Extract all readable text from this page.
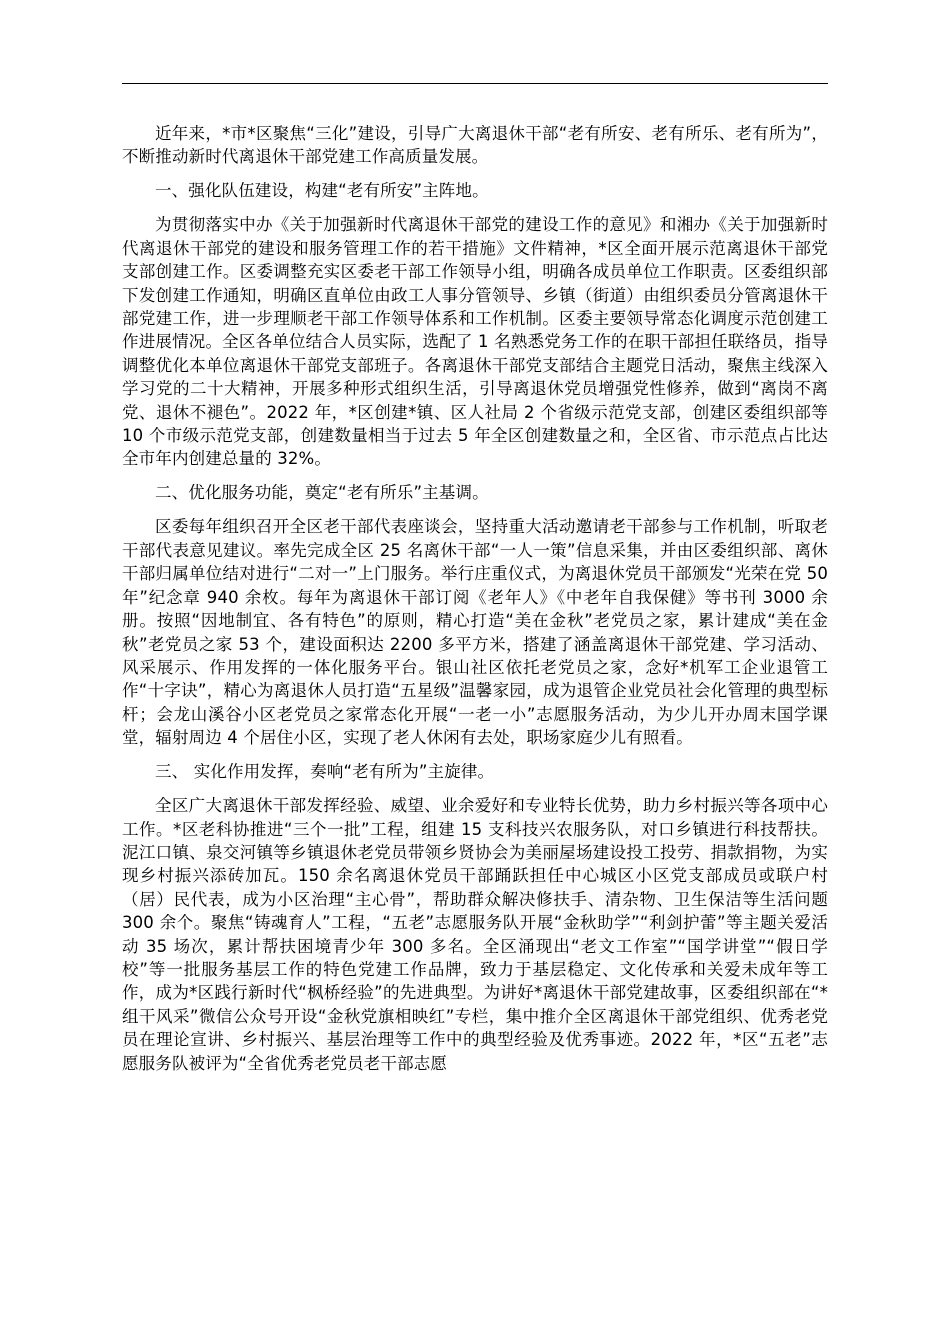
近年来，*市*区聚焦“三化”建设，引导广大离退休干部“老有所安、老有所乐、老有所为”，不断推动新时代离退休干部党建工作高质量发展。

一、强化队伍建设，构建“老有所安”主阵地。

为贯彻落实中办《关于加强新时代离退休干部党的建设工作的意见》和湘办《关于加强新时代离退休干部党的建设和服务管理工作的若干措施》文件精神，*区全面开展示范离退休干部党支部创建工作。区委调整充实区委老干部工作领导小组，明确各成员单位工作职责。区委组织部下发创建工作通知，明确区直单位由政工人事分管领导、乡镇（街道）由组织委员分管离退休干部党建工作，进一步理顺老干部工作领导体系和工作机制。区委主要领导常态化调度示范创建工作进展情况。全区各单位结合人员实际，选配了 1 名熟悉党务工作的在职干部担任联络员，指导调整优化本单位离退休干部党支部班子。各离退休干部党支部结合主题党日活动，聚焦主线深入学习党的二十大精神，开展多种形式组织生活，引导离退休党员增强党性修养，做到“离岗不离党、退休不褪色”。2022 年，*区创建*镇、区人社局 2 个省级示范党支部，创建区委组织部等 10 个市级示范党支部，创建数量相当于过去 5 年全区创建数量之和，全区省、市示范点占比达全市年内创建总量的 32%。

二、优化服务功能，奠定“老有所乐”主基调。

区委每年组织召开全区老干部代表座谈会，坚持重大活动邀请老干部参与工作机制，听取老干部代表意见建议。率先完成全区 25 名离休干部“一人一策”信息采集，并由区委组织部、离休干部归属单位结对进行“二对一”上门服务。举行庄重仪式，为离退休党员干部颁发“光荣在党 50 年”纪念章 940 余枚。每年为离退休干部订阅《老年人》《中老年自我保健》等书刊 3000 余册。按照“因地制宜、各有特色”的原则，精心打造“美在金秋”老党员之家，累计建成“美在金秋”老党员之家 53 个，建设面积达 2200 多平方米，搭建了涵盖离退休干部党建、学习活动、风采展示、作用发挥的一体化服务平台。银山社区依托老党员之家，念好*机军工企业退管工作“十字诀”，精心为离退休人员打造“五星级”温馨家园，成为退管企业党员社会化管理的典型标杆；会龙山溪谷小区老党员之家常态化开展“一老一小”志愿服务活动，为少儿开办周末国学课堂，辐射周边 4 个居住小区，实现了老人休闲有去处，职场家庭少儿有照看。

三、 实化作用发挥，奏响“老有所为”主旋律。

全区广大离退休干部发挥经验、威望、业余爱好和专业特长优势，助力乡村振兴等各项中心工作。*区老科协推进“三个一批”工程，组建 15 支科技兴农服务队，对口乡镇进行科技帮扶。泥江口镇、泉交河镇等乡镇退休老党员带领乡贤协会为美丽屋场建设投工投劳、捐款捐物，为实现乡村振兴添砖加瓦。150 余名离退休党员干部踊跃担任中心城区小区党支部成员或联户村（居）民代表，成为小区治理“主心骨”，帮助群众解决修扶手、清杂物、卫生保洁等生活问题 300 余个。聚焦“铸魂育人”工程，“五老”志愿服务队开展“金秋助学”“利剑护蕾”等主题关爱活动 35 场次，累计帮扶困境青少年 300 多名。全区涌现出“老文工作室”“国学讲堂”“假日学校”等一批服务基层工作的特色党建工作品牌，致力于基层稳定、文化传承和关爱未成年等工作，成为*区践行新时代“枫桥经验”的先进典型。为讲好*离退休干部党建故事，区委组织部在“*组干风采”微信公众号开设“金秋党旗相映红”专栏，集中推介全区离退休干部党组织、优秀老党员在理论宣讲、乡村振兴、基层治理等工作中的典型经验及优秀事迹。2022 年，*区“五老”志愿服务队被评为“全省优秀老党员老干部志愿
